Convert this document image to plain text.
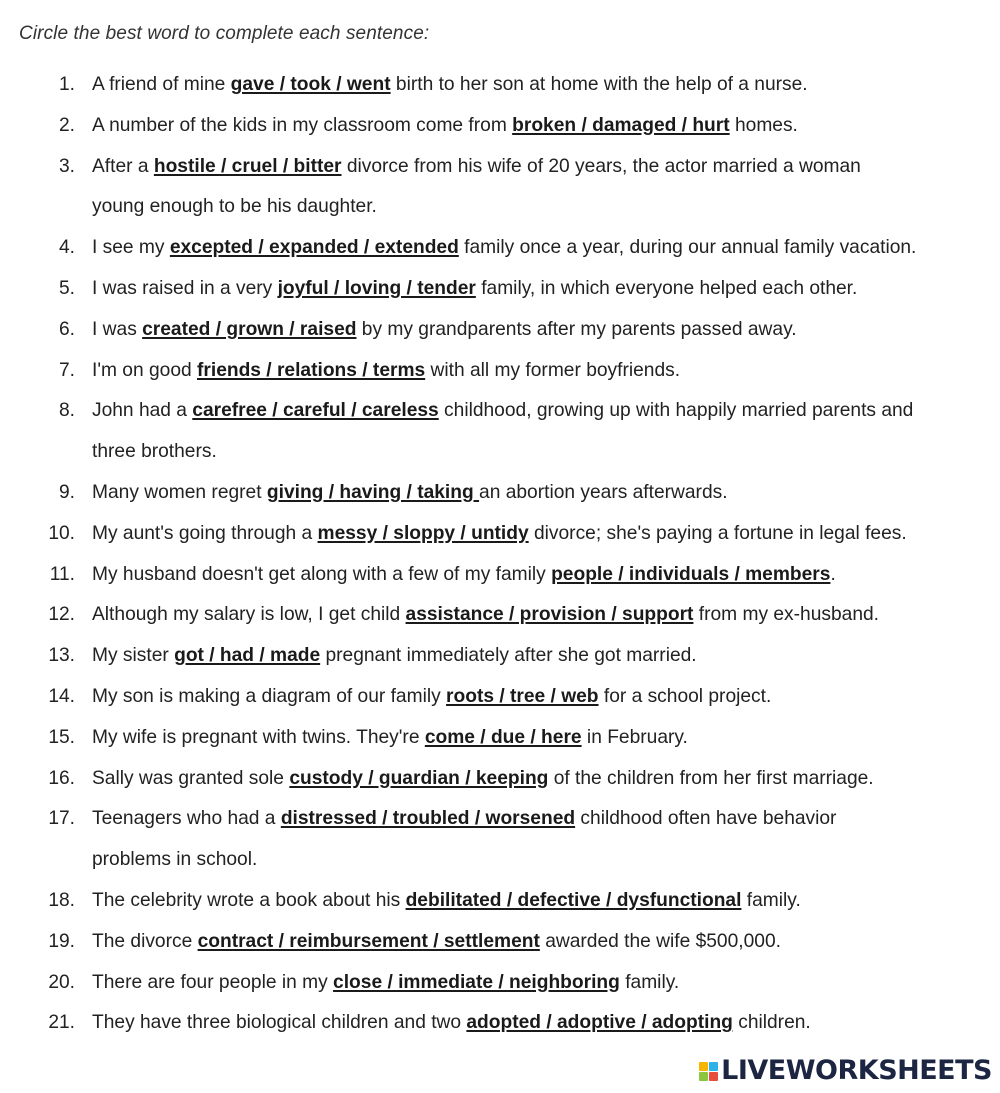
Circle the best word to complete each sentence:
1. A friend of mine gave / took / went birth to her son at home with the help of a nurse.
2. A number of the kids in my classroom come from broken / damaged / hurt homes.
3. After a hostile / cruel / bitter divorce from his wife of 20 years, the actor married a woman
young enough to be his daughter.
4. I see my excepted / expanded / extended family once a year, during our annual family vacation.
5. I was raised in a very joyful / loving / tender family, in which everyone helped each other.
6. I was created / grown / raised by my grandparents after my parents passed away.
7. I'm on good friends / relations / terms with all my former boyfriends.
8. John had a carefree / careful / careless childhood, growing up with happily married parents and
three brothers.
9. Many women regret giving / having / taking an abortion years afterwards.
10. My aunt's going through a messy / sloppy / untidy divorce; she's paying a fortune in legal fees.
11. My husband doesn't get along with a few of my family people / individuals / members.
12. Although my salary is low, I get child assistance / provision / support from my ex-husband.
13. My sister got / had / made pregnant immediately after she got married.
14. My son is making a diagram of our family roots / tree / web for a school project.
15. My wife is pregnant with twins. They're come / due / here in February.
16. Sally was granted sole custody / guardian / keeping of the children from her first marriage.
17. Teenagers who had a distressed / troubled / worsened childhood often have behavior
problems in school.
18. The celebrity wrote a book about his debilitated / defective / dysfunctional family.
19. The divorce contract / reimbursement / settlement awarded the wife $500,000.
20. There are four people in my close / immediate / neighboring family.
21. They have three biological children and two adopted / adoptive / adopting children.
LIVEWORKSHEETS
